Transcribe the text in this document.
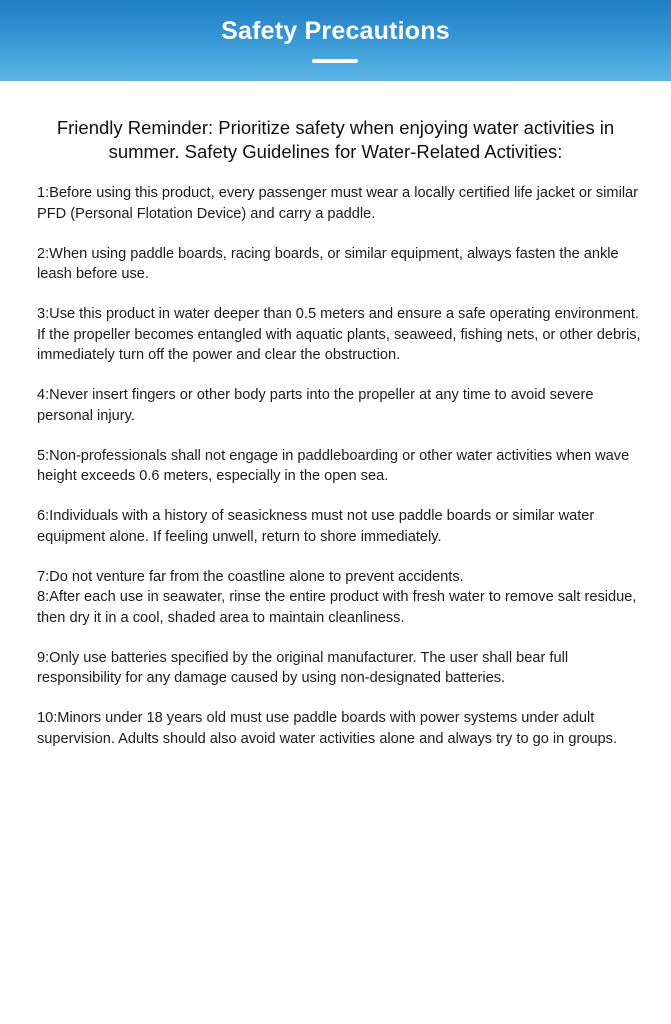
Safety Precautions
Friendly Reminder: Prioritize safety when enjoying water activities in summer. Safety Guidelines for Water-Related Activities:
1:Before using this product, every passenger must wear a locally certified life jacket or similar PFD (Personal Flotation Device) and carry a paddle.
2:When using paddle boards, racing boards, or similar equipment, always fasten the ankle leash before use.
3:Use this product in water deeper than 0.5 meters and ensure a safe operating environment. If the propeller becomes entangled with aquatic plants, seaweed, fishing nets, or other debris, immediately turn off the power and clear the obstruction.
4:Never insert fingers or other body parts into the propeller at any time to avoid severe personal injury.
5:Non-professionals shall not engage in paddleboarding or other water activities when wave height exceeds 0.6 meters, especially in the open sea.
6:Individuals with a history of seasickness must not use paddle boards or similar water equipment alone. If feeling unwell, return to shore immediately.
7:Do not venture far from the coastline alone to prevent accidents.
8:After each use in seawater, rinse the entire product with fresh water to remove salt residue, then dry it in a cool, shaded area to maintain cleanliness.
9:Only use batteries specified by the original manufacturer. The user shall bear full responsibility for any damage caused by using non-designated batteries.
10:Minors under 18 years old must use paddle boards with power systems under adult supervision. Adults should also avoid water activities alone and always try to go in groups.
